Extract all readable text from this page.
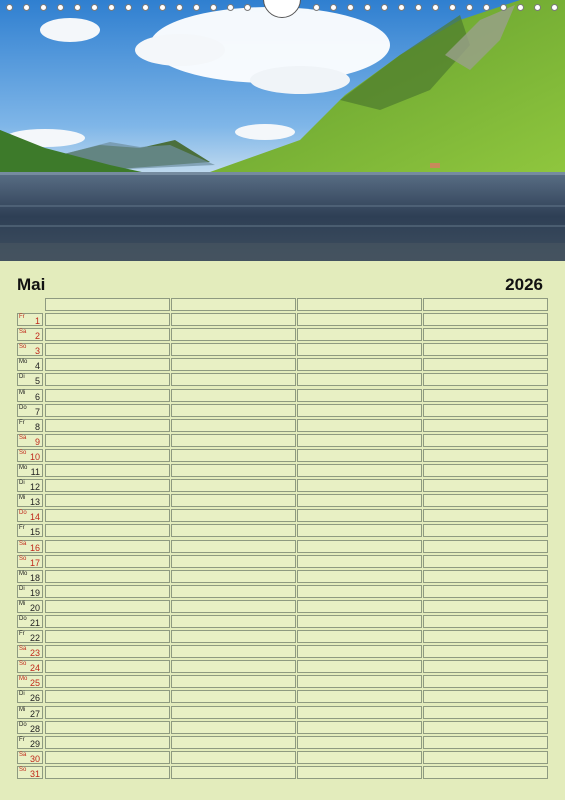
Mai	2026
Fr 1
Sa 2
So 3
Mo 4
Di 5
Mi 6
Do 7
Fr 8
Sa 9
So 10
Mo 11
Di 12
Mi 13
Do 14
Fr 15
Sa 16
So 17
Mo 18
Di 19
Mi 20
Do 21
Fr 22
Sa 23
So 24
Mo 25
Di 26
Mi 27
Do 28
Fr 29
Sa 30
So 31
